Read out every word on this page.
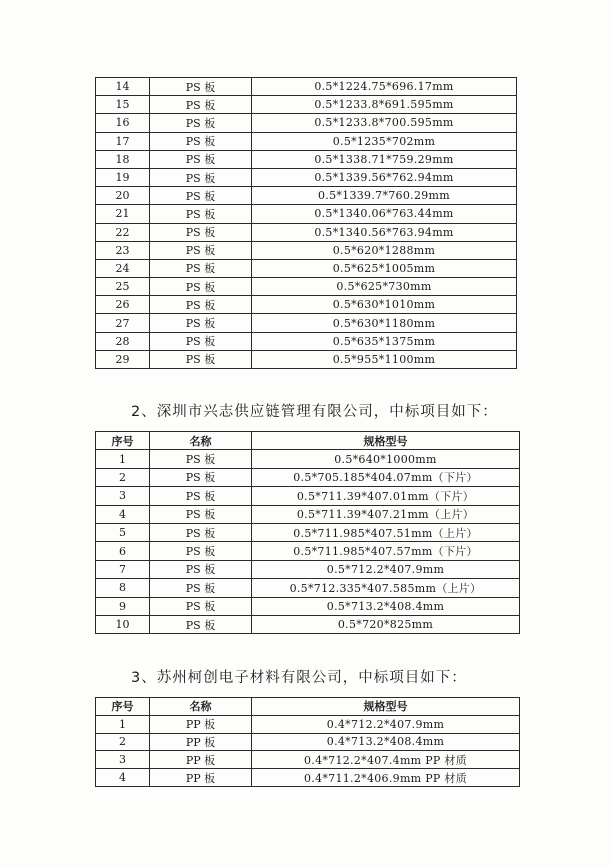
14	PS 板	0.5*1224.75*696.17mm
15	PS 板	0.5*1233.8*691.595mm
16	PS 板	0.5*1233.8*700.595mm
17	PS 板	0.5*1235*702mm
18	PS 板	0.5*1338.71*759.29mm
19	PS 板	0.5*1339.56*762.94mm
20	PS 板	0.5*1339.7*760.29mm
21	PS 板	0.5*1340.06*763.44mm
22	PS 板	0.5*1340.56*763.94mm
23	PS 板	0.5*620*1288mm
24	PS 板	0.5*625*1005mm
25	PS 板	0.5*625*730mm
26	PS 板	0.5*630*1010mm
27	PS 板	0.5*630*1180mm
28	PS 板	0.5*635*1375mm
29	PS 板	0.5*955*1100mm
2、深圳市兴志供应链管理有限公司，中标项目如下：
序号	名称	规格型号
1	PS 板	0.5*640*1000mm
2	PS 板	0.5*705.185*404.07mm（下片）
3	PS 板	0.5*711.39*407.01mm（下片）
4	PS 板	0.5*711.39*407.21mm（上片）
5	PS 板	0.5*711.985*407.51mm（上片）
6	PS 板	0.5*711.985*407.57mm（下片）
7	PS 板	0.5*712.2*407.9mm
8	PS 板	0.5*712.335*407.585mm（上片）
9	PS 板	0.5*713.2*408.4mm
10	PS 板	0.5*720*825mm
3、苏州柯创电子材料有限公司，中标项目如下：
序号	名称	规格型号
1	PP 板	0.4*712.2*407.9mm
2	PP 板	0.4*713.2*408.4mm
3	PP 板	0.4*712.2*407.4mm PP 材质
4	PP 板	0.4*711.2*406.9mm PP 材质
